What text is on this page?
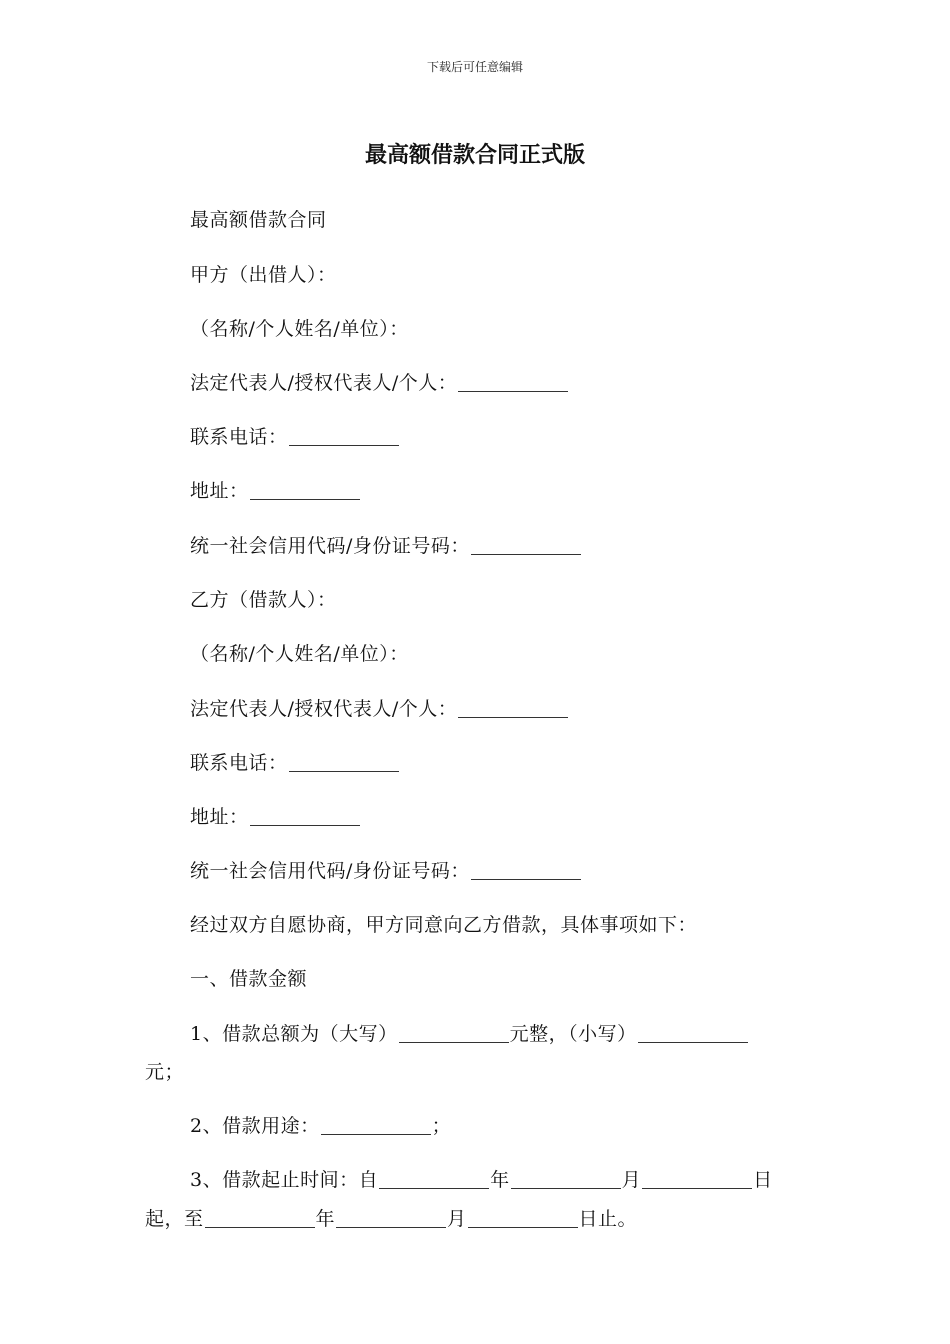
下载后可任意编辑
最高额借款合同正式版
最高额借款合同
甲方（出借人）：
（名称/个人姓名/单位）：
法定代表人/授权代表人/个人：
联系电话：
地址：
统一社会信用代码/身份证号码：
乙方（借款人）：
（名称/个人姓名/单位）：
法定代表人/授权代表人/个人：
联系电话：
地址：
统一社会信用代码/身份证号码：
经过双方自愿协商，甲方同意向乙方借款，具体事项如下：
一、借款金额
1、借款总额为（大写）	元整，（小写）
元；
2、借款用途：	；
3、借款起止时间：自	年	月	日
起，至	年	月	日止。
